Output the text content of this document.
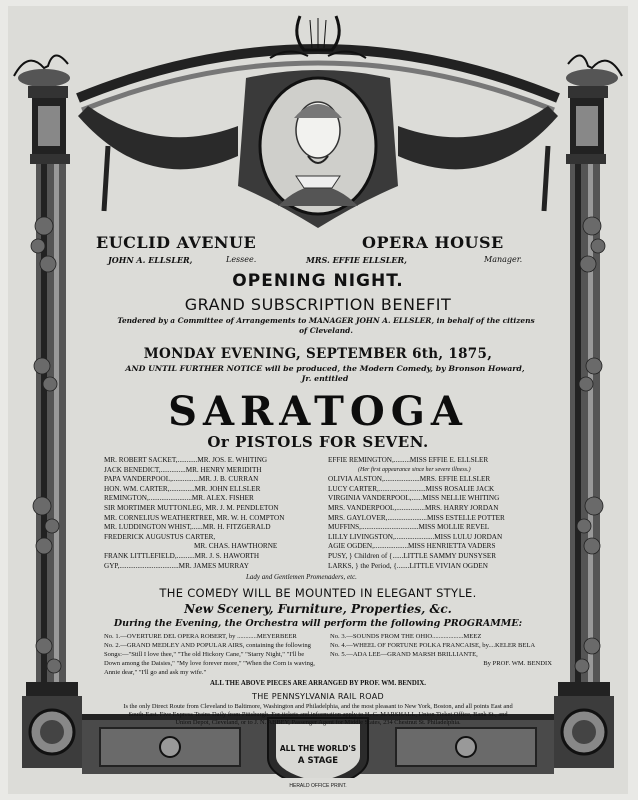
EUCLID AVENUE	OPERA HOUSE
JOHN A. ELLSLER,	Lessee.	MRS. EFFIE ELLSLER,	Manager.
OPENING NIGHT.
GRAND SUBSCRIPTION BENEFIT
Tendered by a Committee of Arrangements to MANAGER JOHN A. ELLSLER, in behalf of the citizens of Cleveland.
MONDAY EVENING, SEPTEMBER 6th, 1875,
AND UNTIL FURTHER NOTICE will be produced, the Modern Comedy, by Bronson Howard, Jr. entitled
SARATOGA
Or PISTOLS FOR SEVEN.
MR. ROBERT SACKET,...........MR. JOS. E. WHITING
JACK BENEDICT,..............MR. HENRY MERIDITH
PAPA VANDERPOOL,...............MR. J. B. CURRAN
HON. WM. CARTER,..............MR. JOHN ELLSLER
REMINGTON,........................MR. ALEX. FISHER
SIR MORTIMER MUTTONLEG, MR. J. M. PENDLETON
MR. CORNELIUS WEATHERTREE, MR. W. H. COMPTON
MR. LUDDINGTON WHIST,......MR. H. FITZGERALD
FREDERICK AUGUSTUS CARTER,
MR. CHAS. HAWTHORNE
FRANK LITTLEFIELD,..........MR. J. S. HAWORTH
GYP,.................................MR. JAMES MURRAY
EFFIE REMINGTON,.........MISS EFFIE E. ELLSLER
(Her first appearance since her severe illness.)
OLIVIA ALSTON,....................MRS. EFFIE ELLSLER
LUCY CARTER,..........................MISS ROSALIE JACK
VIRGINIA VANDERPOOL,......MISS NELLIE WHITING
MRS. VANDERPOOL,................MRS. HARRY JORDAN
MRS. GAYLOVER,......................MISS ESTELLE POTTER
MUFFINS,................................MISS MOLLIE REVEL
LILLY LIVINGSTON,......................MISS LULU JORDAN
AGIE OGDEN,...................MISS HENRIETTA VADERS
PUSY, } Children of {......LITTLE SAMMY DUNSYSER
LARKS, } the Period, {.......LITTLE VIVIAN OGDEN
Lady and Gentlemen Promenaders, etc.
THE COMEDY WILL BE MOUNTED IN ELEGANT STYLE.
New Scenery, Furniture, Properties, &c.
During the Evening, the Orchestra will perform the following PROGRAMME:
No. 1.—OVERTURE DEL OPERA ROBERT, by ............MEYERBEER
No. 2.—GRAND MEDLEY AND POPULAR AIRS, containing the following Songs:—"Still I love thee," "The old Hickory Cane," "Starry Night," "I'll be Down among the Daisies," "My love forever more," "When the Corn is waving, Annie dear," "I'll go and ask my wife."
No. 3.—SOUNDS FROM THE OHIO...................MEEZ
No. 4.—WHEEL OF FORTUNE POLKA FRANCAISE, by....KELER BELA
No. 5.—ADA LEE—GRAND MARSH BRILLIANTE,
By PROF. WM. BENDIX
ALL THE ABOVE PIECES ARE ARRANGED BY PROF. WM. BENDIX.
THE PENNSYLVANIA RAIL ROAD
Is the only Direct Route from Cleveland to Baltimore, Washington and Philadelphia, and the most pleasant to New York, Boston, and all points East and South-East. Five Express Trains Daily from Pittsburgh. For tickets and information apply to H. C. MARSHALL, Union Ticket Office, Bank St., and Union Depot, Cleveland, or to J. N. ABBEY, Passenger Agent for Middle States, 234 Chestnut St. Philadelphia.
ALL THE WORLD'S
A STAGE
HERALD OFFICE PRINT.
